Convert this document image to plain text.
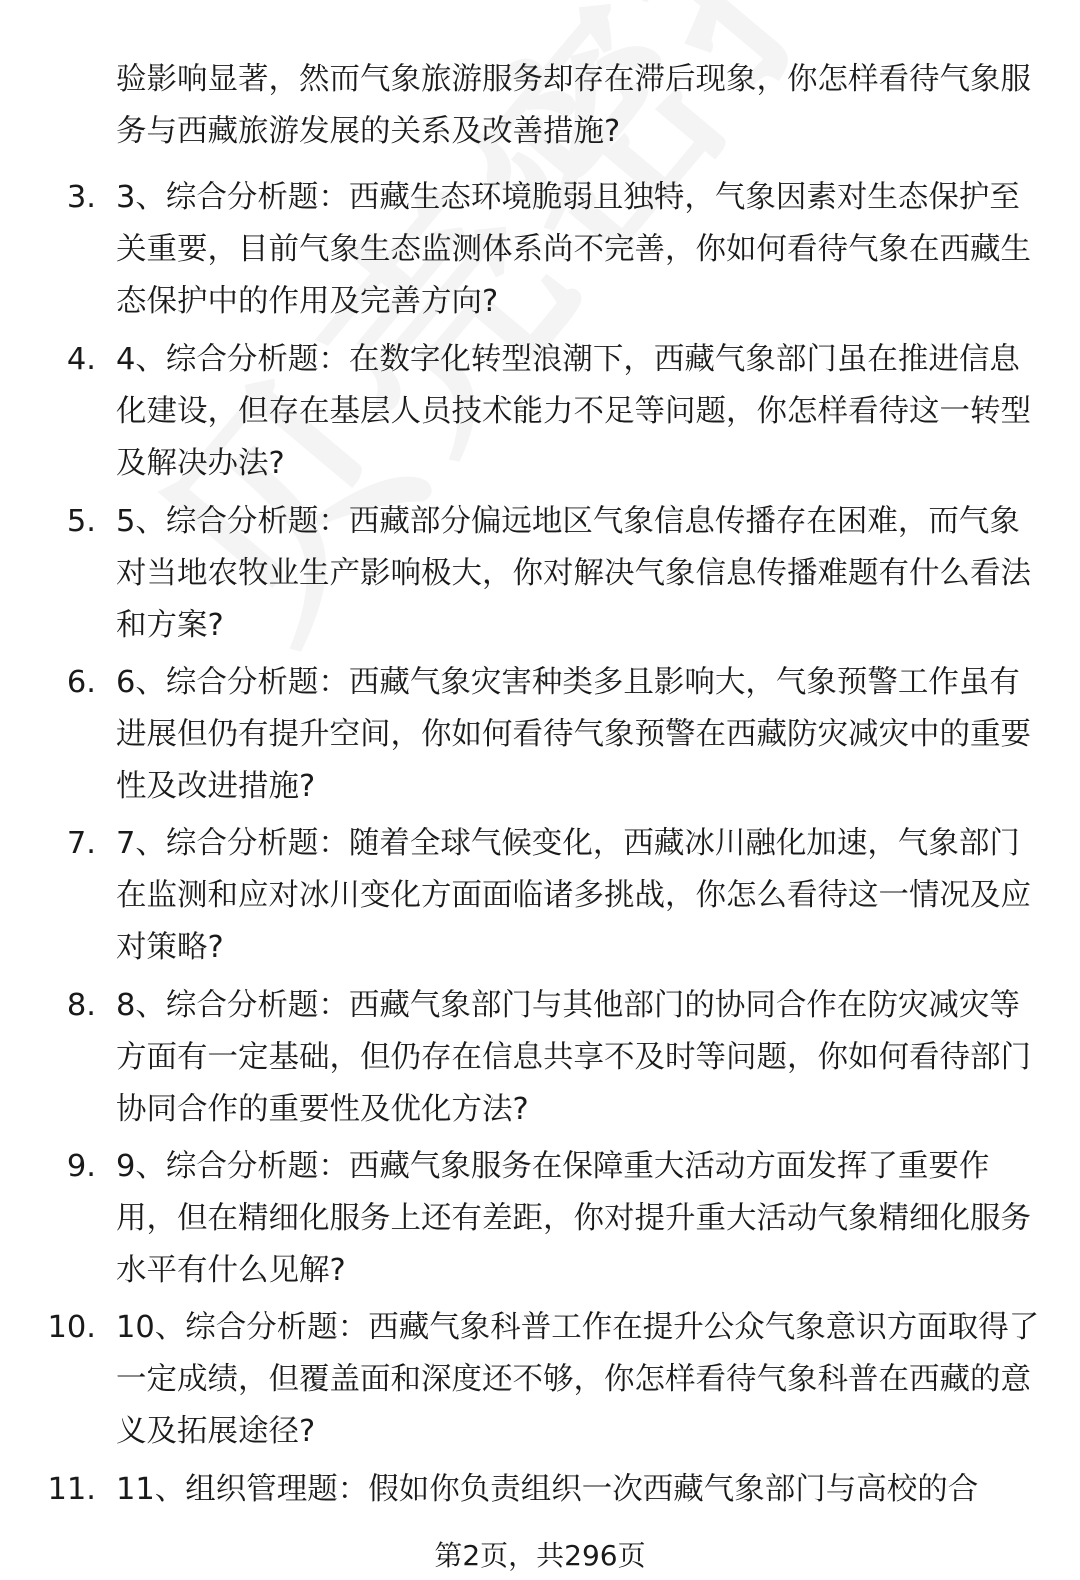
验影响显著，然而气象旅游服务却存在滞后现象，你怎样看待气象服务与西藏旅游发展的关系及改善措施?

3. 3、综合分析题：西藏生态环境脆弱且独特，气象因素对生态保护至关重要，目前气象生态监测体系尚不完善，你如何看待气象在西藏生态保护中的作用及完善方向?
4. 4、综合分析题：在数字化转型浪潮下，西藏气象部门虽在推进信息化建设，但存在基层人员技术能力不足等问题，你怎样看待这一转型及解决办法?
5. 5、综合分析题：西藏部分偏远地区气象信息传播存在困难，而气象对当地农牧业生产影响极大，你对解决气象信息传播难题有什么看法和方案?
6. 6、综合分析题：西藏气象灾害种类多且影响大，气象预警工作虽有进展但仍有提升空间，你如何看待气象预警在西藏防灾减灾中的重要性及改进措施?
7. 7、综合分析题：随着全球气候变化，西藏冰川融化加速，气象部门在监测和应对冰川变化方面面临诸多挑战，你怎么看待这一情况及应对策略?
8. 8、综合分析题：西藏气象部门与其他部门的协同合作在防灾减灾等方面有一定基础，但仍存在信息共享不及时等问题，你如何看待部门协同合作的重要性及优化方法?
9. 9、综合分析题：西藏气象服务在保障重大活动方面发挥了重要作用，但在精细化服务上还有差距，你对提升重大活动气象精细化服务水平有什么见解?
10. 10、综合分析题：西藏气象科普工作在提升公众气象意识方面取得了一定成绩，但覆盖面和深度还不够，你怎样看待气象科普在西藏的意义及拓展途径?
11. 11、组织管理题：假如你负责组织一次西藏气象部门与高校的合
第2页，共296页
